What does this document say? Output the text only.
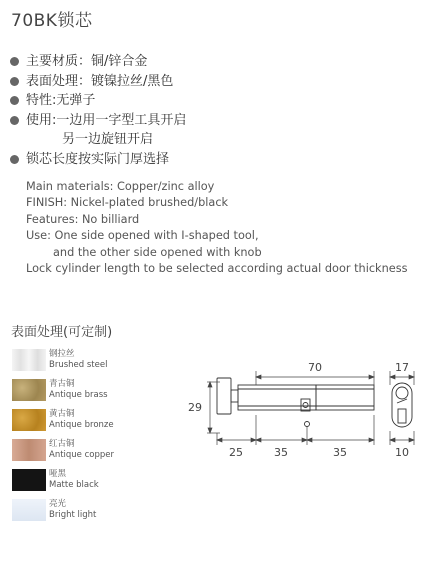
70BK锁芯
主要材质：铜/锌合金
表面处理：镀镍拉丝/黑色
特性:无弹子
使用:一边用一字型工具开启
另一边旋钮开启
锁芯长度按实际门厚选择
Main materials: Copper/zinc alloy
FINISH: Nickel-plated brushed/black
Features: No billiard
Use: One side opened with I-shaped tool,
and the other side opened with knob
Lock cylinder length to be selected according actual door thickness
表面处理(可定制)
钢拉丝
Brushed steel
青古铜
Antique brass
黄古铜
Antique bronze
红古铜
Antique copper
哑黑
Matte black
亮光
Bright light
70
29
25	35	35
17
10
